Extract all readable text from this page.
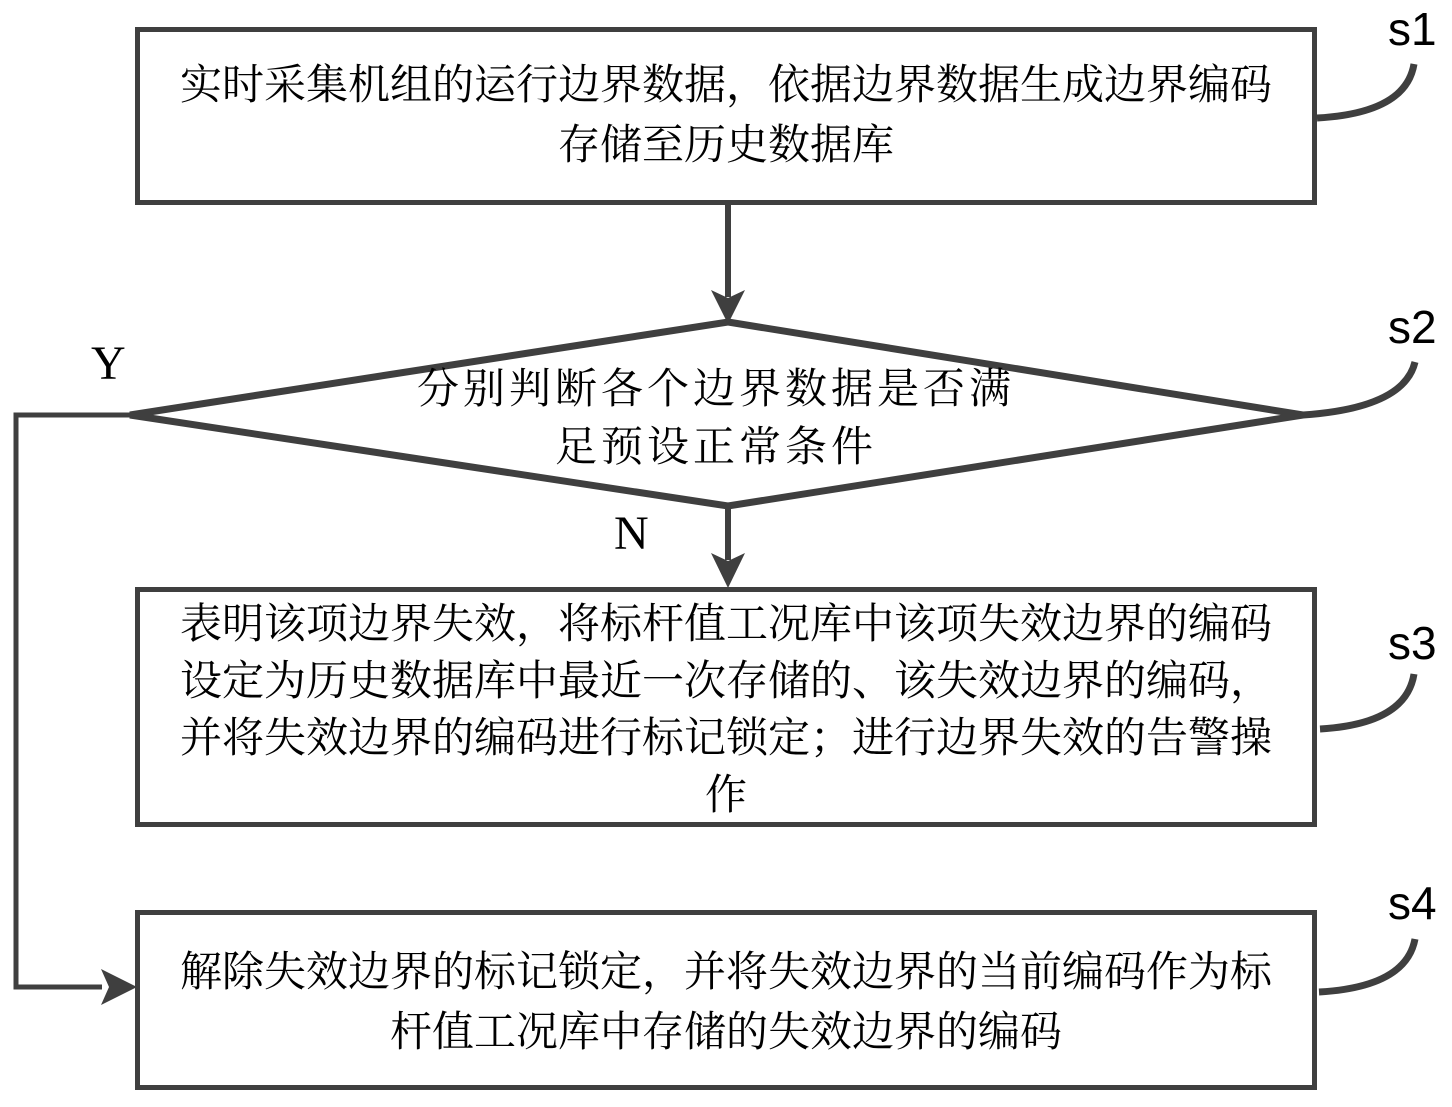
实时采集机组的运行边界数据，依据边界数据生成边界编码
存储至历史数据库
分别判断各个边界数据是否满
足预设正常条件
表明该项边界失效，将标杆值工况库中该项失效边界的编码
设定为历史数据库中最近一次存储的、该失效边界的编码，
并将失效边界的编码进行标记锁定；进行边界失效的告警操
作
解除失效边界的标记锁定，并将失效边界的当前编码作为标
杆值工况库中存储的失效边界的编码
s1
s2
s3
s4
Y
N
